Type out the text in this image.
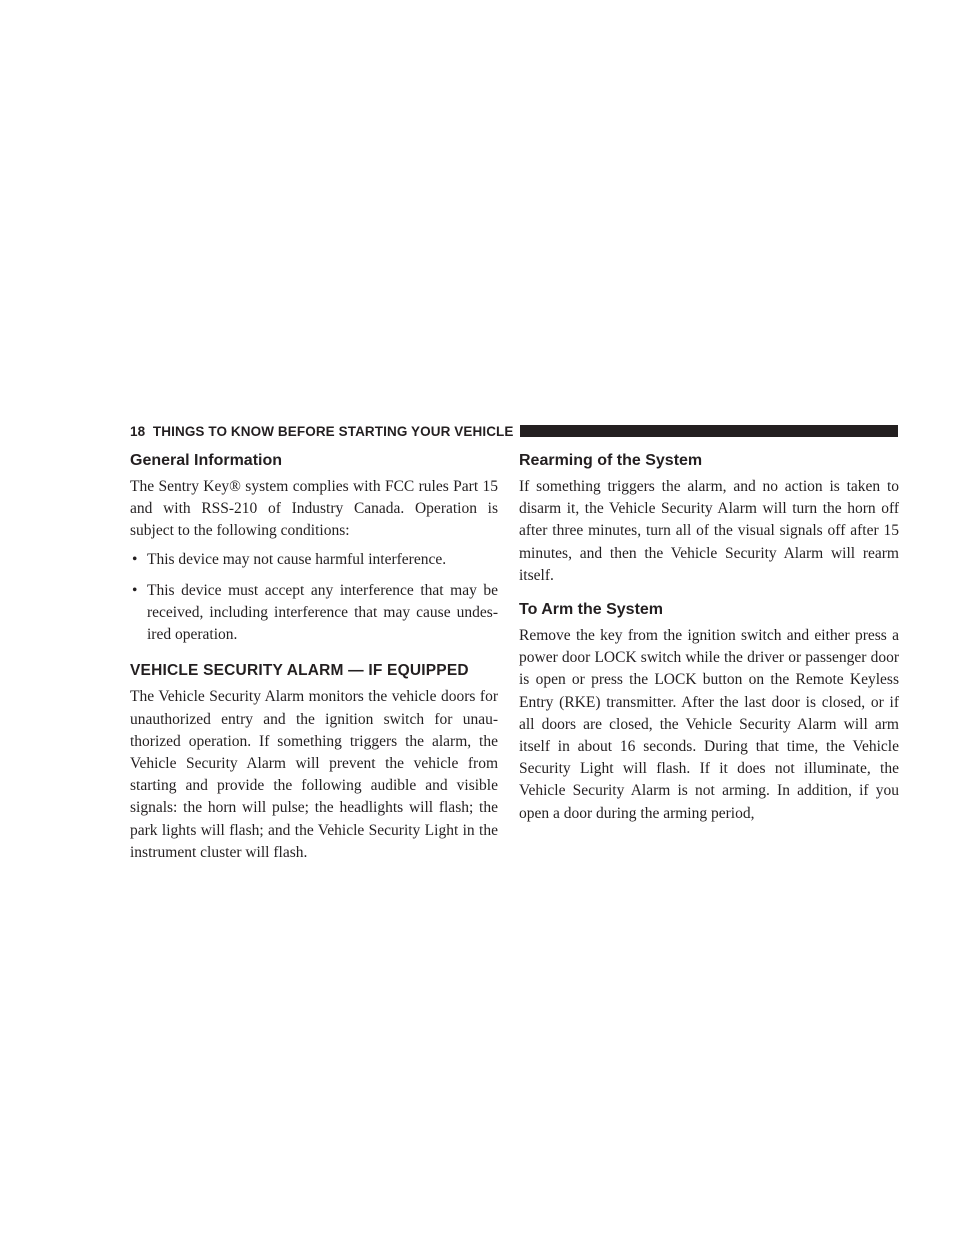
18 THINGS TO KNOW BEFORE STARTING YOUR VEHICLE
General Information

The Sentry Key® system complies with FCC rules Part 15 and with RSS-210 of Industry Canada. Operation is subject to the following conditions:

• This device may not cause harmful interference.
• This device must accept any interference that may be received, including interference that may cause undes-ired operation.
VEHICLE SECURITY ALARM — IF EQUIPPED

The Vehicle Security Alarm monitors the vehicle doors for unauthorized entry and the ignition switch for unau-thorized operation. If something triggers the alarm, the Vehicle Security Alarm will prevent the vehicle from starting and provide the following audible and visible signals: the horn will pulse; the headlights will flash; the park lights will flash; and the Vehicle Security Light in the instrument cluster will flash.

Rearming of the System

If something triggers the alarm, and no action is taken to disarm it, the Vehicle Security Alarm will turn the horn off after three minutes, turn all of the visual signals off after 15 minutes, and then the Vehicle Security Alarm will rearm itself.

To Arm the System

Remove the key from the ignition switch and either press a power door LOCK switch while the driver or passenger door is open or press the LOCK button on the Remote Keyless Entry (RKE) transmitter. After the last door is closed, or if all doors are closed, the Vehicle Security Alarm will arm itself in about 16 seconds. During that time, the Vehicle Security Light will flash. If it does not illuminate, the Vehicle Security Alarm is not arming. In addition, if you open a door during the arming period,
